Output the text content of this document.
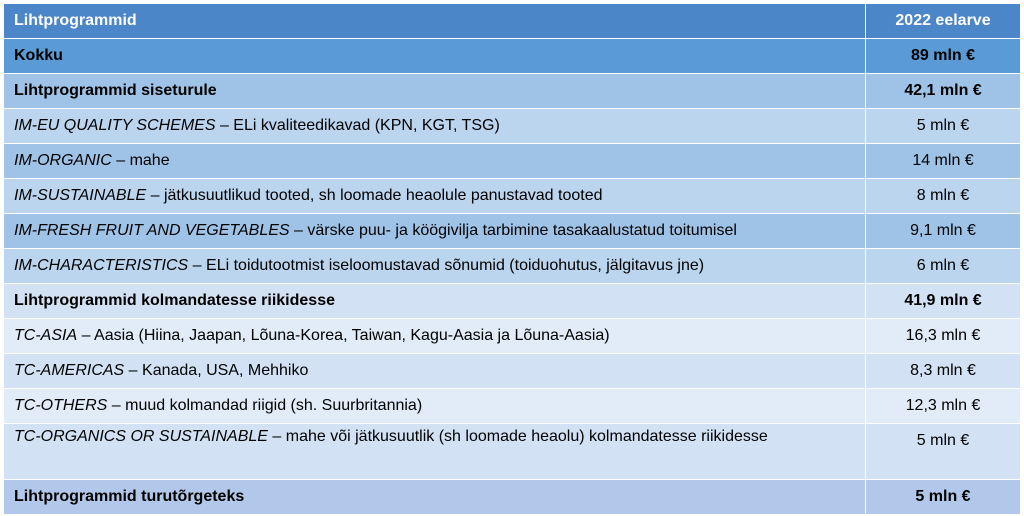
Lihtprogrammid	2022 eelarve
Kokku	89 mln €
Lihtprogrammid siseturule	42,1 mln €
IM-EU QUALITY SCHEMES – ELi kvaliteedikavad (KPN, KGT, TSG)	5 mln €
IM-ORGANIC – mahe	14 mln €
IM-SUSTAINABLE – jätkusuutlikud tooted, sh loomade heaolule panustavad tooted	8 mln €
IM-FRESH FRUIT AND VEGETABLES – värske puu- ja köögivilja tarbimine tasakaalustatud toitumisel	9,1 mln €
IM-CHARACTERISTICS – ELi toidutootmist iseloomustavad sõnumid (toiduohutus, jälgitavus jne)	6 mln €
Lihtprogrammid kolmandatesse riikidesse	41,9 mln €
TC-ASIA – Aasia (Hiina, Jaapan, Lõuna-Korea, Taiwan, Kagu-Aasia ja Lõuna-Aasia)	16,3 mln €
TC-AMERICAS – Kanada, USA, Mehhiko	8,3 mln €
TC-OTHERS – muud kolmandad riigid (sh. Suurbritannia)	12,3 mln €
TC-ORGANICS OR SUSTAINABLE – mahe või jätkusuutlik (sh loomade heaolu) kolmandatesse riikidesse	5 mln €
Lihtprogrammid turutõrgeteks	5 mln €
